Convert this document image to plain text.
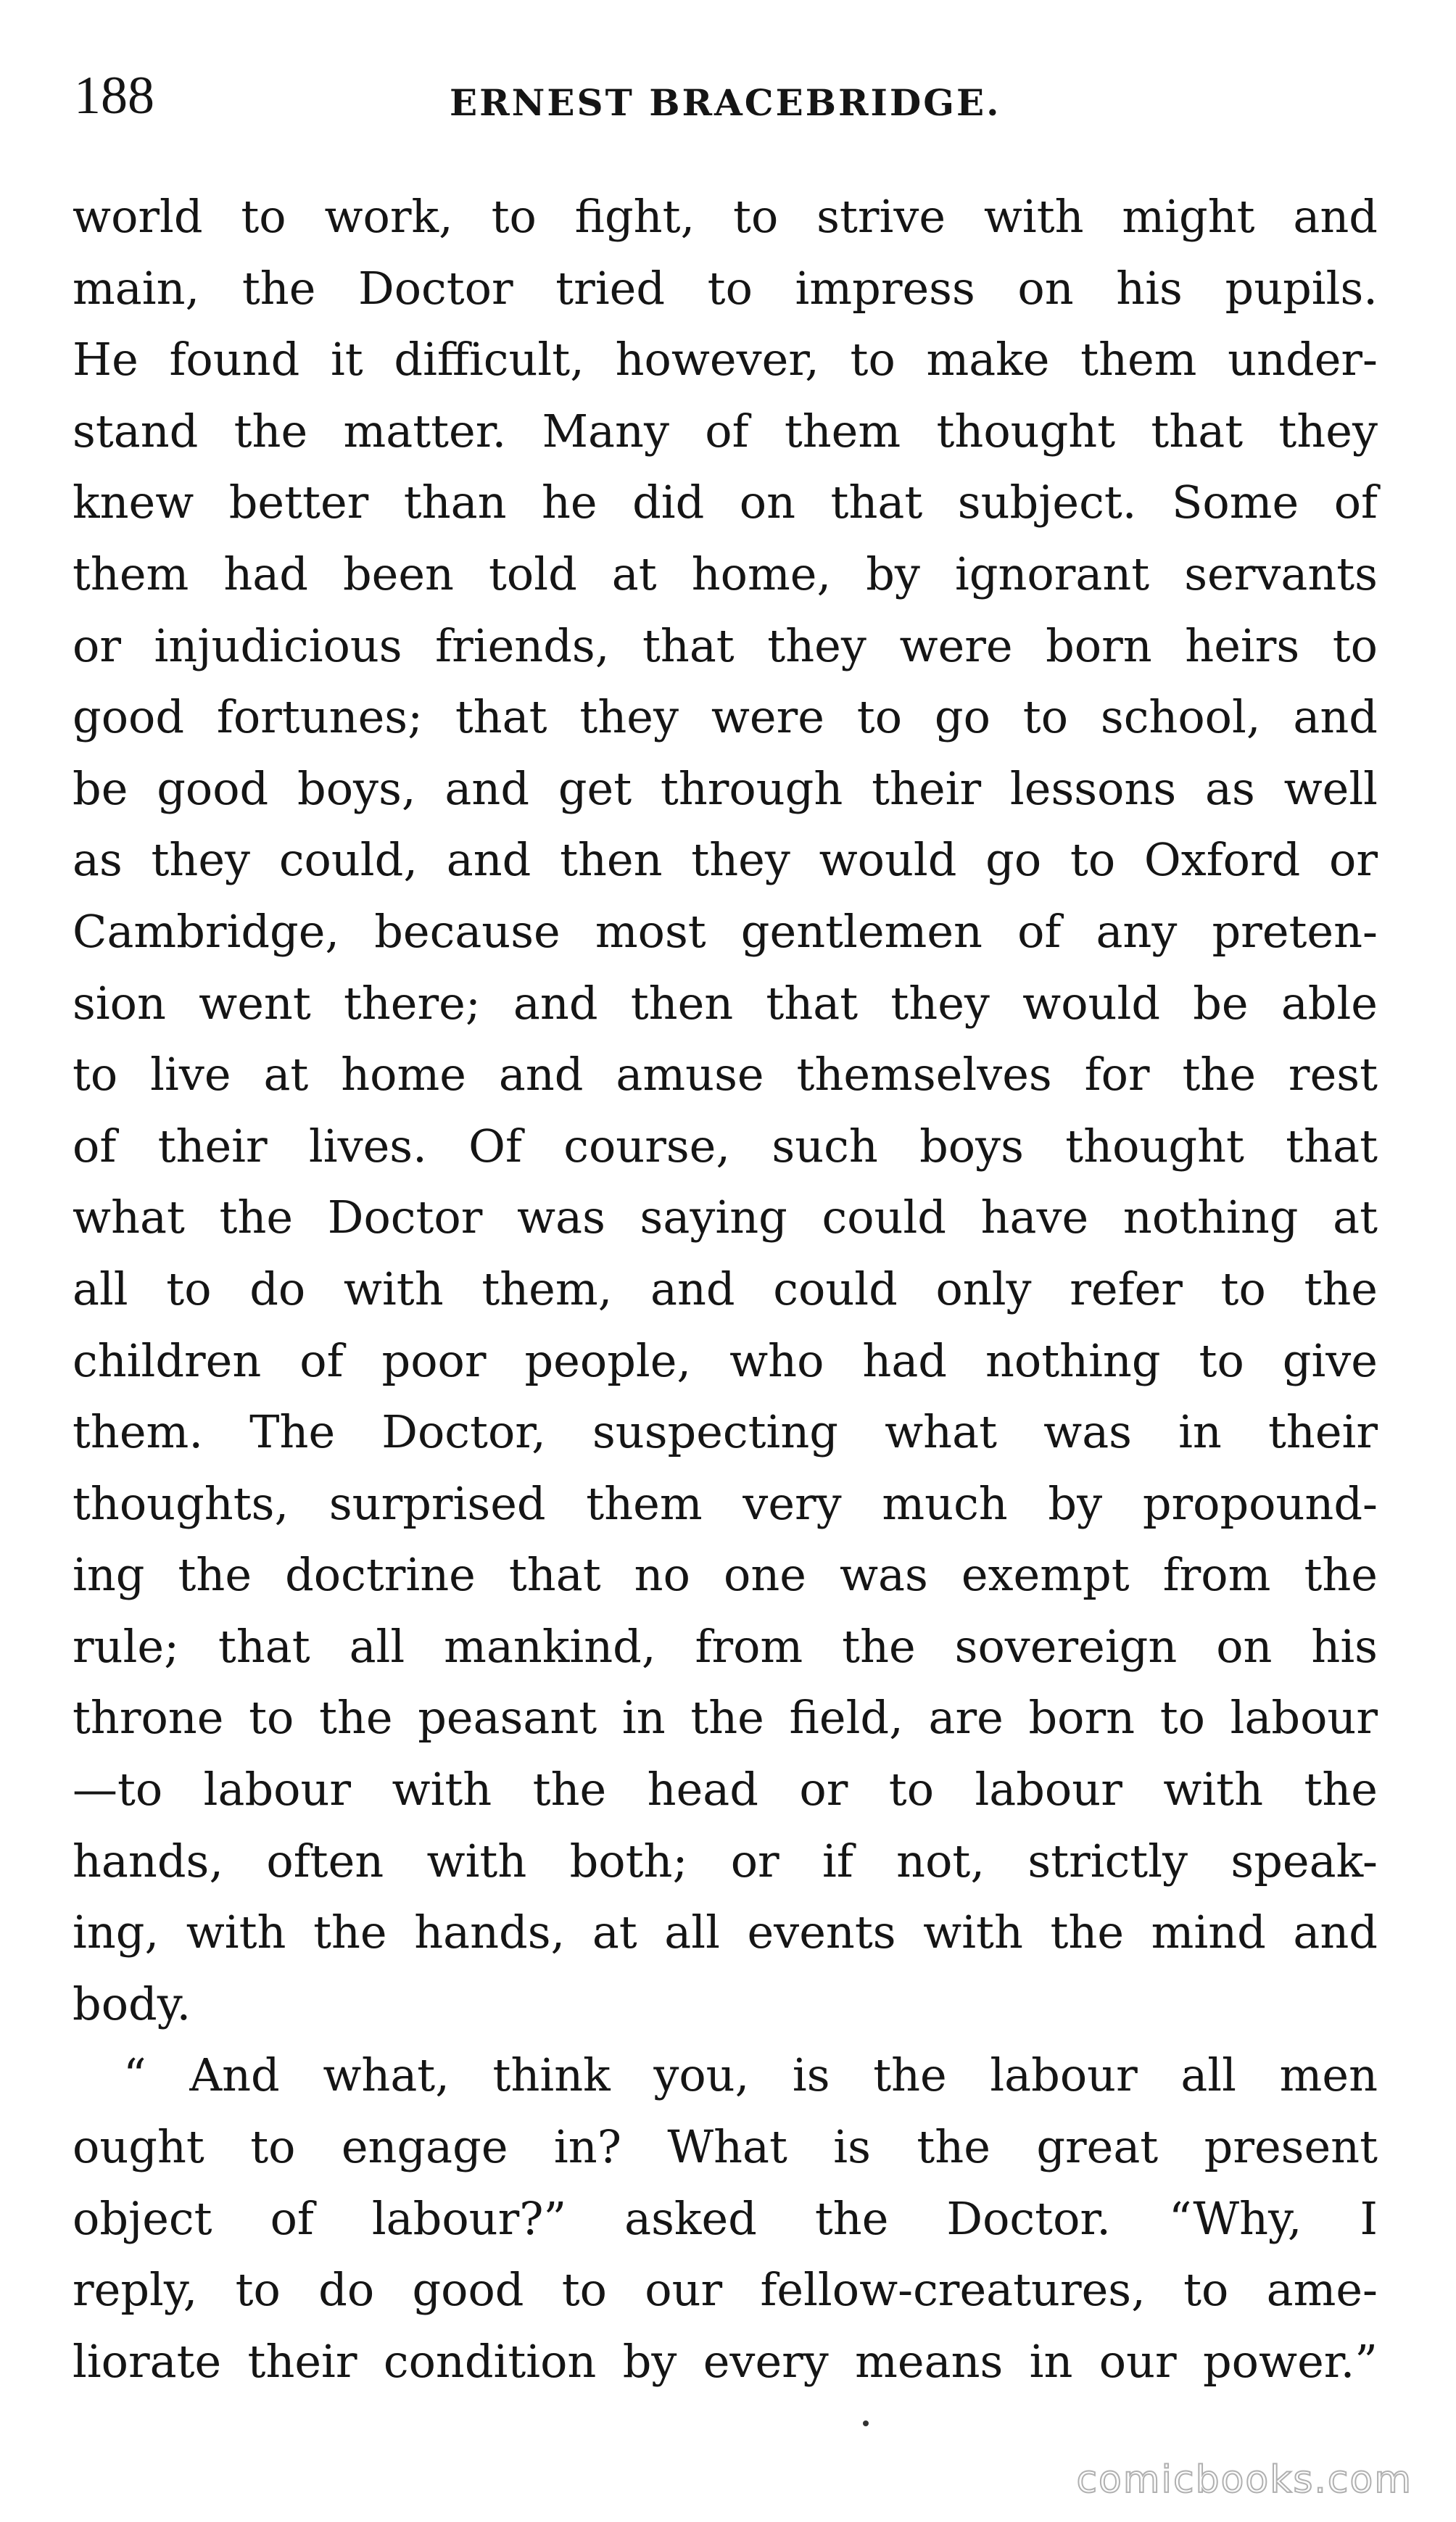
188	ERNEST BRACEBRIDGE.
world to work, to fight, to strive with might and
main, the Doctor tried to impress on his pupils.
He found it difficult, however, to make them under-
stand the matter. Many of them thought that they
knew better than he did on that subject. Some of
them had been told at home, by ignorant servants
or injudicious friends, that they were born heirs to
good fortunes; that they were to go to school, and
be good boys, and get through their lessons as well
as they could, and then they would go to Oxford or
Cambridge, because most gentlemen of any preten-
sion went there; and then that they would be able
to live at home and amuse themselves for the rest
of their lives. Of course, such boys thought that
what the Doctor was saying could have nothing at
all to do with them, and could only refer to the
children of poor people, who had nothing to give
them. The Doctor, suspecting what was in their
thoughts, surprised them very much by propound-
ing the doctrine that no one was exempt from the
rule; that all mankind, from the sovereign on his
throne to the peasant in the field, are born to labour
—to labour with the head or to labour with the
hands, often with both; or if not, strictly speak-
ing, with the hands, at all events with the mind and
body.
“ And what, think you, is the labour all men
ought to engage in? What is the great present
object of labour?” asked the Doctor. “Why, I
reply, to do good to our fellow-creatures, to ame-
liorate their condition by every means in our power.”
comicbooks.com
